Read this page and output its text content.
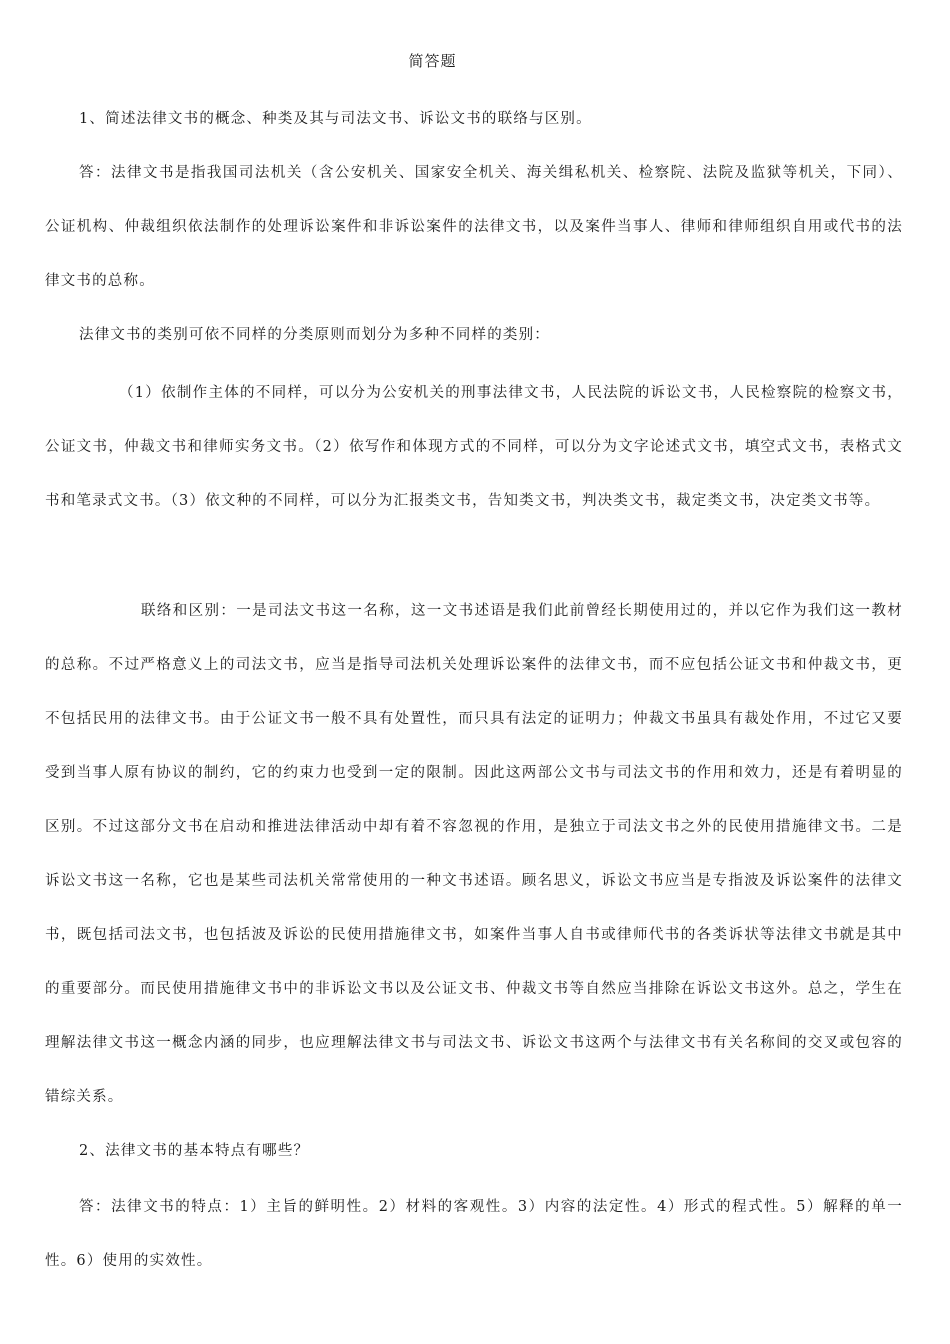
简答题
1、简述法律文书的概念、种类及其与司法文书、诉讼文书的联络与区别。
答：法律文书是指我国司法机关（含公安机关、国家安全机关、海关缉私机关、检察院、法院及监狱等机关，下同）、公证机构、仲裁组织依法制作的处理诉讼案件和非诉讼案件的法律文书，以及案件当事人、律师和律师组织自用或代书的法律文书的总称。
法律文书的类别可依不同样的分类原则而划分为多种不同样的类别：
（1）依制作主体的不同样，可以分为公安机关的刑事法律文书，人民法院的诉讼文书，人民检察院的检察文书，公证文书，仲裁文书和律师实务文书。（2）依写作和体现方式的不同样，可以分为文字论述式文书，填空式文书，表格式文书和笔录式文书。（3）依文种的不同样，可以分为汇报类文书，告知类文书，判决类文书，裁定类文书，决定类文书等。
联络和区别：一是司法文书这一名称，这一文书述语是我们此前曾经长期使用过的，并以它作为我们这一教材的总称。不过严格意义上的司法文书，应当是指导司法机关处理诉讼案件的法律文书，而不应包括公证文书和仲裁文书，更不包括民用的法律文书。由于公证文书一般不具有处置性，而只具有法定的证明力；仲裁文书虽具有裁处作用，不过它又要受到当事人原有协议的制约，它的约束力也受到一定的限制。因此这两部公文书与司法文书的作用和效力，还是有着明显的区别。不过这部分文书在启动和推进法律活动中却有着不容忽视的作用，是独立于司法文书之外的民使用措施律文书。二是诉讼文书这一名称，它也是某些司法机关常常使用的一种文书述语。顾名思义，诉讼文书应当是专指波及诉讼案件的法律文书，既包括司法文书，也包括波及诉讼的民使用措施律文书，如案件当事人自书或律师代书的各类诉状等法律文书就是其中的重要部分。而民使用措施律文书中的非诉讼文书以及公证文书、仲裁文书等自然应当排除在诉讼文书这外。总之，学生在理解法律文书这一概念内涵的同步，也应理解法律文书与司法文书、诉讼文书这两个与法律文书有关名称间的交叉或包容的错综关系。
2、法律文书的基本特点有哪些？
答：法律文书的特点：1）主旨的鲜明性。2）材料的客观性。3）内容的法定性。4）形式的程式性。5）解释的单一性。6）使用的实效性。
